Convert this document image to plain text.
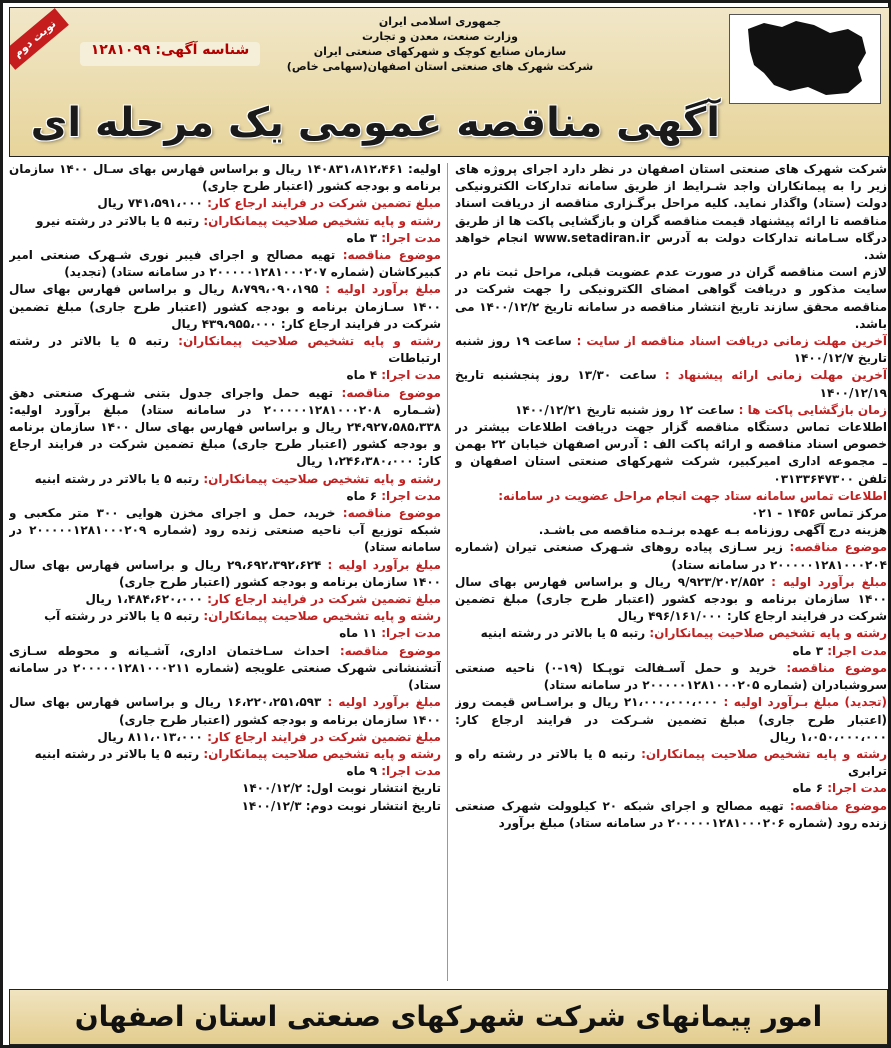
نوبت دوم	شناسه آگهی: ۱۲۸۱۰۹۹
جمهوری اسلامی ایران
وزارت صنعت، معدن و تجارت
سازمان صنایع کوچک و شهرکهای صنعتی ایران
شرکت شهرک های صنعتی استان اصفهان(سهامی خاص)
آگهی مناقصه عمومی یک مرحله ای

شرکت شهرک های صنعتی استان اصفهان در نظر دارد اجرای پروژه های زیر را به پیمانکاران واجد شـرایط از طریق سامانه تدارکات الکترونیکی دولت (ستاد) واگذار نماید. کلیه مراحل برگـزاری مناقصه از دریافت اسناد مناقصه تا ارائه پیشنهاد قیمت مناقصه گران و بازگشایی پاکت ها از طریق درگاه سـامانه تدارکات دولت به آدرس www.setadiran.ir انجام خواهد شد.

لازم است مناقصه گران در صورت عدم عضویت قبلی، مراحل ثبت نام در سایت مذکور و دریافت گواهی امضای الکترونیکی را جهت شرکت در مناقصه محقق سازند تاریخ انتشار مناقصه در سامانه تاریخ ۱۴۰۰/۱۲/۲ می باشد.

آخرین مهلت زمانی دریافت اسناد مناقصه از سایت : ساعت ۱۹ روز شنبه تاریخ ۱۴۰۰/۱۲/۷

آخرین مهلت زمانی ارائه پیشنهاد : ساعت ۱۳/۳۰ روز پنجشنبه تاریخ ۱۴۰۰/۱۲/۱۹

زمان بازگشایی پاکت ها : ساعت ۱۲ روز شنبه تاریخ ۱۴۰۰/۱۲/۲۱

اطلاعات تماس دستگاه مناقصه گزار جهت دریافت اطلاعات بیشتر در خصوص اسناد مناقصه و ارائه پاکت الف : آدرس اصفهان خیابان ۲۲ بهمن ـ مجموعه اداری امیرکبیر، شرکت شهرکهای صنعتی استان اصفهان و تلفن ۰۳۱۳۳۶۴۷۳۰۰

اطلاعات تماس سامانه ستاد جهت انجام مراحل عضویت در سامانه:

مرکز تماس ۱۴۵۶ - ۰۲۱

هزینه درج آگهی روزنامه بـه عهده برنـده مناقصه می باشـد.

موضوع مناقصه: زیر سـازی پیاده روهای شـهرک صنعتی تیران (شماره ۲۰۰۰۰۰۱۲۸۱۰۰۰۲۰۴ در سامانه ستاد)

مبلغ برآورد اولیه : ۹/۹۲۳/۲۰۲/۸۵۲ ریال و براساس فهارس بهای سال ۱۴۰۰ سازمان برنامه و بودجه کشور (اعتبار طرح جاری) مبلغ تضمین شرکت در فرایند ارجاع کار: ۴۹۶/۱۶۱/۰۰۰ ریال

رشته و پایه تشخیص صلاحیت پیمانکاران: رتبه ۵ یا بالاتر در رشته ابنیه

مدت اجرا: ۳ ماه

موضوع مناقصه: خرید و حمل آسـفالت توپـکا (۱۹-۰) ناحیه صنعتی سروشبادران (شماره ۲۰۰۰۰۰۱۲۸۱۰۰۰۲۰۵ در سامانه ستاد)

(تجدید) مبلغ بـرآورد اولیه : ۲۱،۰۰۰،۰۰۰،۰۰۰ ریال و براسـاس قیمت روز (اعتبار طرح جاری) مبلغ تضمین شـرکت در فرایند ارجاع کار: ۱،۰۵۰،۰۰۰،۰۰۰ ریال

رشته و پایه تشخیص صلاحیت پیمانکاران: رتبه ۵ یا بالاتر در رشته راه و ترابری

مدت اجرا: ۶ ماه

موضوع مناقصه: تهیه مصالح و اجرای شبکه ۲۰ کیلوولت شهرک صنعتی زنده رود (شماره ۲۰۰۰۰۰۱۲۸۱۰۰۰۲۰۶ در سامانه ستاد) مبلغ برآورد

اولیه: ۱۴۰۸۳۱،۸۱۲،۴۶۱ ریال و براساس فهارس بهای سـال ۱۴۰۰ سازمان برنامه و بودجه کشور (اعتبار طرح جاری)

مبلغ تضمین شرکت در فرایند ارجاع کار: ۷۴۱،۵۹۱،۰۰۰ ریال

رشته و پایه تشخیص صلاحیت پیمانکاران: رتبه ۵ یا بالاتر در رشته نیرو

مدت اجرا: ۳ ماه

موضوع مناقصه: تهیه مصالح و اجرای فیبر نوری شـهرک صنعتی امیر کبیرکاشان (شماره ۲۰۰۰۰۰۱۲۸۱۰۰۰۲۰۷ در سامانه ستاد) (تجدید)

مبلغ برآورد اولیه : ۸،۷۹۹،۰۹۰،۱۹۵ ریال و براساس فهارس بهای سال ۱۴۰۰ سـازمان برنامه و بودجه کشور (اعتبار طرح جاری) مبلغ تضمین شرکت در فرایند ارجاع کار: ۴۳۹،۹۵۵،۰۰۰ ریال

رشته و پایه تشخیص صلاحیت پیمانکاران: رتبه ۵ یا بالاتر در رشته ارتباطات

مدت اجرا: ۴ ماه

موضوع مناقصه: تهیه حمل واجرای جدول بتنی شـهرک صنعتی دهق (شـماره ۲۰۰۰۰۰۱۲۸۱۰۰۰۲۰۸ در سامانه ستاد) مبلغ برآورد اولیه: ۲۴،۹۲۷،۵۸۵،۳۳۸ ریال و براساس فهارس بهای سال ۱۴۰۰ سازمان برنامه و بودجه کشور (اعتبار طرح جاری) مبلغ تضمین شرکت در فرایند ارجاع کار: ۱،۲۴۶،۳۸۰،۰۰۰ ریال

رشته و پایه تشخیص صلاحیت پیمانکاران: رتبه ۵ یا بالاتر در رشته ابنیه

مدت اجرا: ۶ ماه

موضوع مناقصه: خرید، حمل و اجرای مخزن هوایی ۳۰۰ متر مکعبی و شبکه توزیع آب ناحیه صنعتی زنده رود (شماره ۲۰۰۰۰۰۱۲۸۱۰۰۰۲۰۹ در سامانه ستاد)

مبلغ برآورد اولیه : ۲۹،۶۹۲،۳۹۲،۶۲۴ ریال و براساس فهارس بهای سال ۱۴۰۰ سازمان برنامه و بودجه کشور (اعتبار طرح جاری)

مبلغ تضمین شرکت در فرایند ارجاع کار: ۱،۴۸۴،۶۲۰،۰۰۰ ریال

رشته و پایه تشخیص صلاحیت پیمانکاران: رتبه ۵ یا بالاتر در رشته آب

مدت اجرا: ۱۱ ماه

موضوع مناقصه: احداث سـاختمان اداری، آشـیانه و محوطه سـازی آتشنشانی شهرک صنعتی علویجه (شماره ۲۰۰۰۰۰۱۲۸۱۰۰۰۲۱۱ در سامانه ستاد)

مبلغ برآورد اولیه : ۱۶،۲۲۰،۲۵۱،۵۹۳ ریال و براساس فهارس بهای سال ۱۴۰۰ سازمان برنامه و بودجه کشور (اعتبار طرح جاری)

مبلغ تضمین شرکت در فرایند ارجاع کار: ۸۱۱،۰۱۳،۰۰۰ ریال

رشته و پایه تشخیص صلاحیت پیمانکاران: رتبه ۵ یا بالاتر در رشته ابنیه

مدت اجرا: ۹ ماه

تاریخ انتشار نوبت اول: ۱۴۰۰/۱۲/۲

تاریخ انتشار نوبت دوم: ۱۴۰۰/۱۲/۳

امور پیمانهای شرکت شهرکهای صنعتی استان اصفهان
